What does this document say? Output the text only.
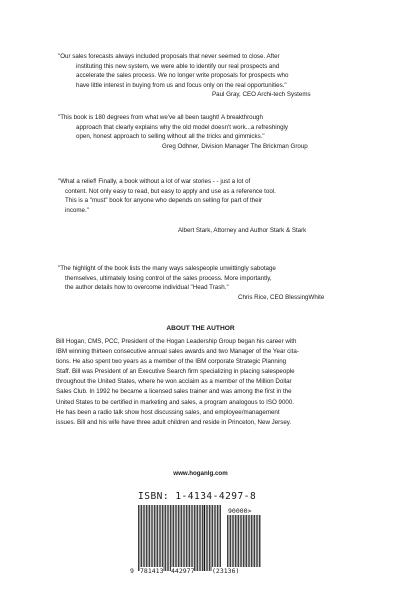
"Our sales forecasts always included proposals that never seemed to close. After
instituting this new system, we were able to identify our real prospects and
accelerate the sales process. We no longer write proposals for prospects who
have little interest in buying from us and focus only on the real opportunities."
Paul Gray, CEO Archi-tech Systems
"This book is 180 degrees from what we've all been taught! A breakthrough
approach that clearly explains why the old model doesn't work...a refreshingly
open, honest approach to selling without all the tricks and gimmicks."
Greg Odhner, Division Manager The Brickman Group
"What a relief! Finally, a book without a lot of war stories - - just a lot of
content. Not only easy to read, but easy to apply and use as a reference tool.
This is a "must" book for anyone who depends on selling for part of their
income."
Albert Stark, Attorney and Author Stark & Stark
"The highlight of the book lists the many ways salespeople unwittingly sabotage
themselves, ultimately losing control of the sales process. More importantly,
the author details how to overcome individual "Head Trash."
Chris Rice, CEO BlessingWhite
ABOUT THE AUTHOR
Bill Hogan, CMS, PCC, President of the Hogan Leadership Group began his career with
IBM winning thirteen consecutive annual sales awards and two Manager of the Year cita-
tions. He also spent two years as a member of the IBM corporate Strategic Planning
Staff. Bill was President of an Executive Search firm specializing in placing salespeople
throughout the United States, where he won acclaim as a member of the Million Dollar
Sales Club. In 1992 he became a licensed sales trainer and was among the first in the
United States to be certified in marketing and sales, a program analogous to ISO 9000.
He has been a radio talk show host discussing sales, and employee/management
issues. Bill and his wife have three adult children and reside in Princeton, New Jersey.
www.hoganlg.com
ISBN: 1-4134-4297-8
90000>
9 781413 442977	(23136)
